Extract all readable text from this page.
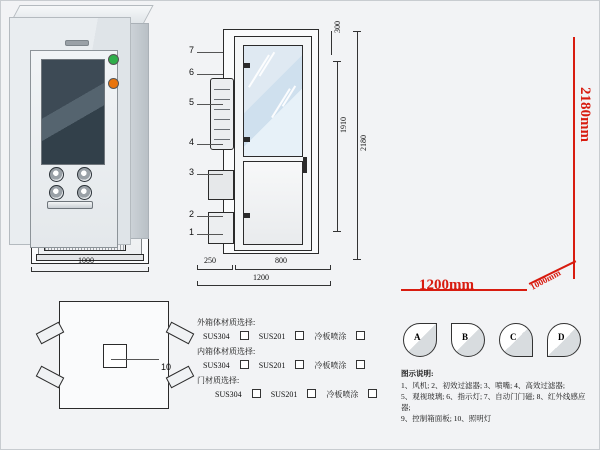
1000
7
6
5
4
3
2
1
300
1910
2180
250	800
1200
10
1200mm	1000mm
2180mm
外箱体材质选择:
SUS304	SUS201	冷板喷涂
内箱体材质选择:
SUS304	SUS201	冷板喷涂
门材质选择:
SUS304	SUS201	冷板喷涂
A	B	C	D
图示说明:
1、风机; 2、初效过滤器; 3、喷嘴; 4、高效过滤器;
5、观视玻璃; 6、指示灯; 7、自动门门磁; 8、红外线感应器;
9、控制箱面板; 10、照明灯
